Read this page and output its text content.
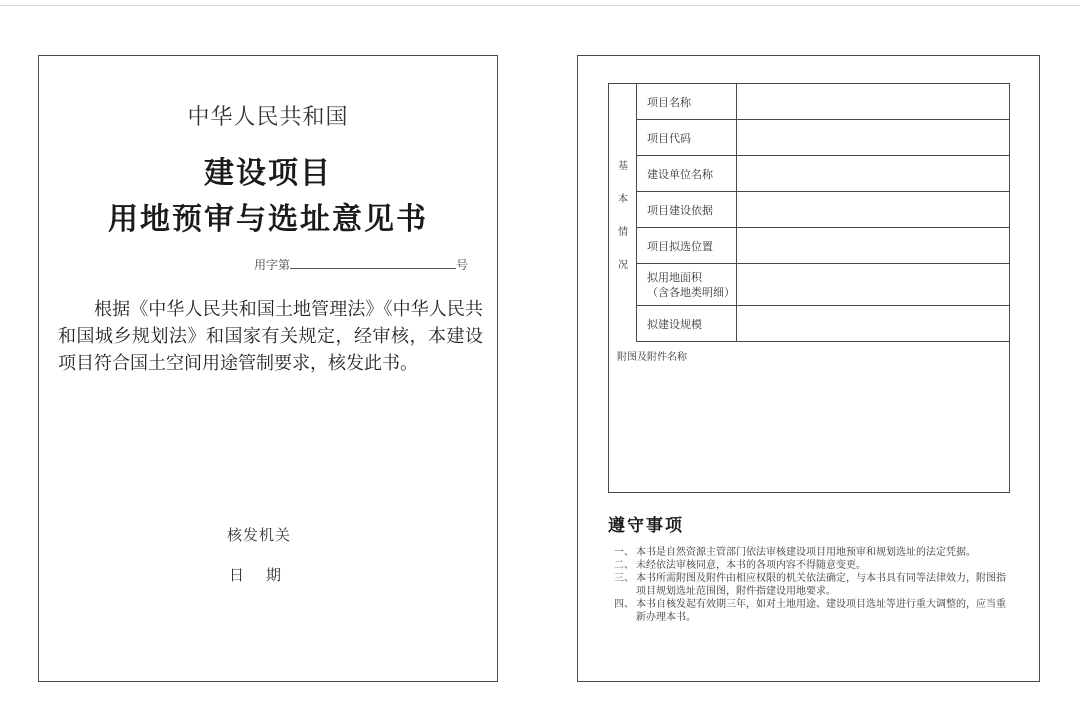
中华人民共和国
建设项目
用地预审与选址意见书
用字第	号
根据《中华人民共和国土地管理法》《中华人民共和国城乡规划法》和国家有关规定，经审核，本建设项目符合国土空间用途管制要求，核发此书。
核发机关
日期
基
本
情
况
项目名称
项目代码
建设单位名称
项目建设依据
项目拟选位置
拟用地面积
（含各地类明细）
拟建设规模
附图及附件名称
遵守事项
一、 本书是自然资源主管部门依法审核建设项目用地预审和规划选址的法定凭据。
二、 未经依法审核同意，本书的各项内容不得随意变更。
三、 本书所需附图及附件由相应权限的机关依法确定，与本书具有同等法律效力，附图指项目规划选址范围图，附件指建设用地要求。
四、 本书自核发起有效期三年，如对土地用途、建设项目选址等进行重大调整的，应当重新办理本书。
